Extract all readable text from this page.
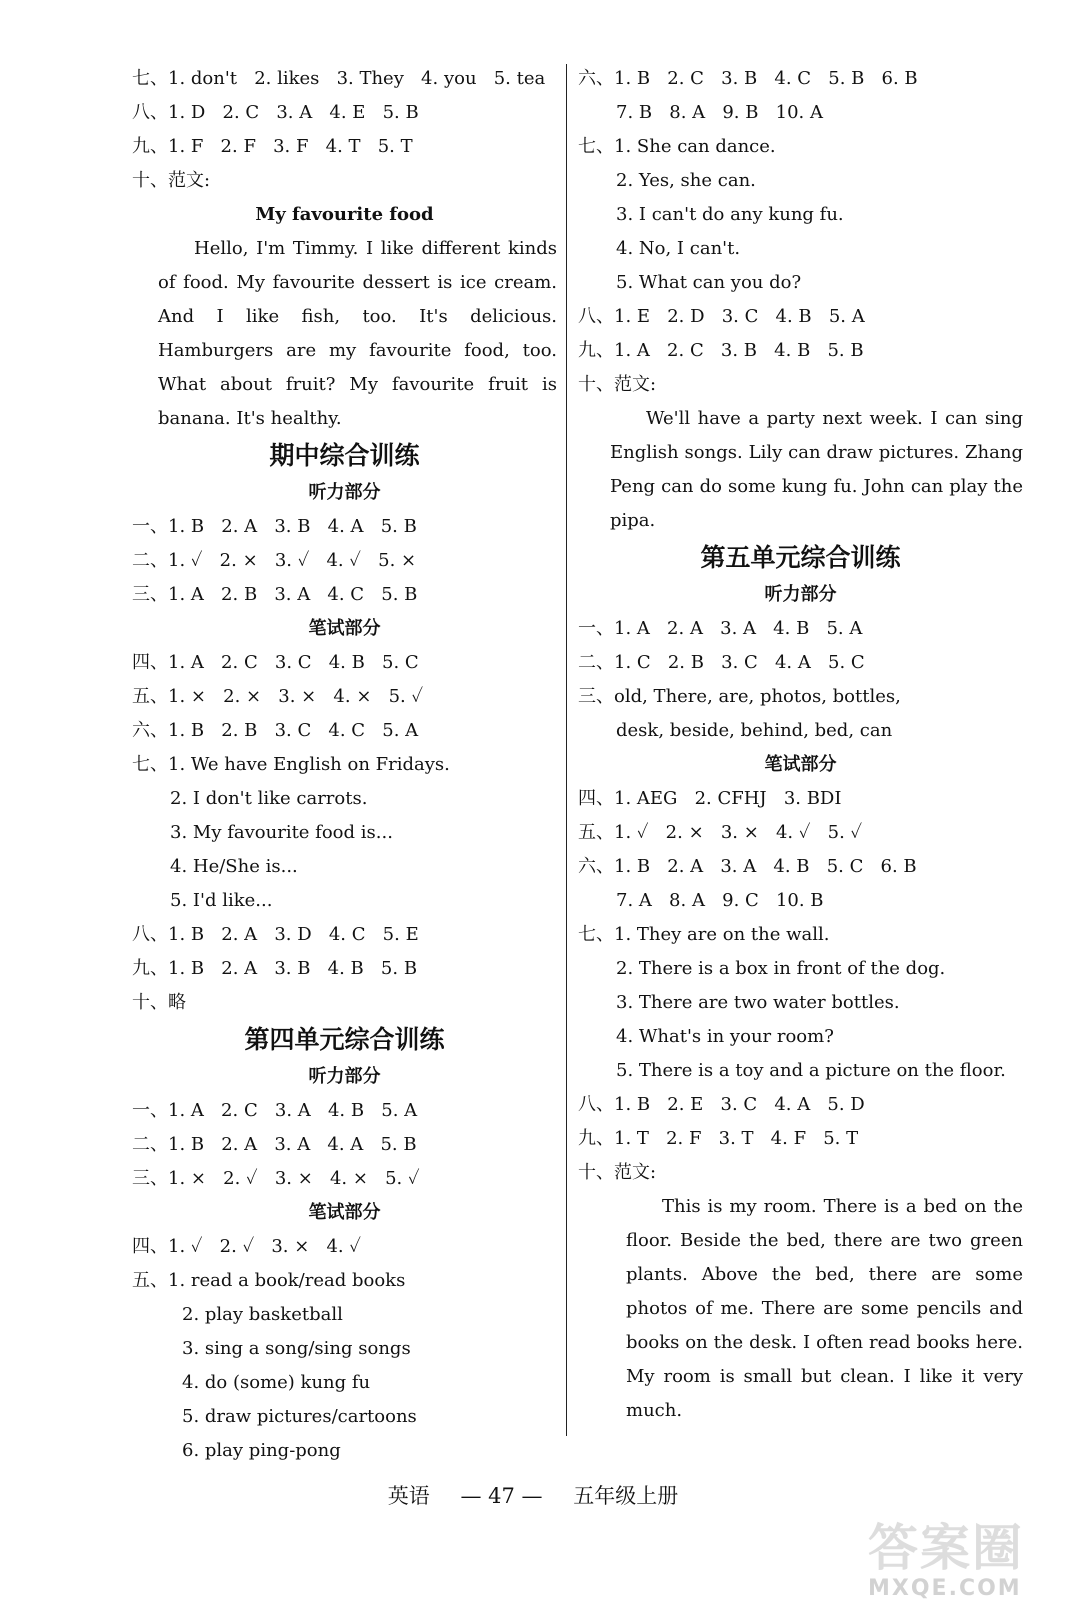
七、1. don't   2. likes   3. They   4. you   5. tea
八、1. D   2. C   3. A   4. E   5. B
九、1. F   2. F   3. F   4. T   5. T
十、范文:
My favourite food
Hello, I'm Timmy. I like different kinds of food. My favourite dessert is ice cream. And I like fish, too. It's delicious. Hamburgers are my favourite food, too. What about fruit? My favourite fruit is banana. It's healthy.
期中综合训练
听力部分
一、1. B   2. A   3. B   4. A   5. B
二、1. ✓   2. ×   3. ✓   4. ✓   5. ×
三、1. A   2. B   3. A   4. C   5. B
笔试部分
四、1. A   2. C   3. C   4. B   5. C
五、1. ×   2. ×   3. ×   4. ×   5. ✓
六、1. B   2. B   3. C   4. C   5. A
七、1. We have English on Fridays.
2. I don't like carrots.
3. My favourite food is...
4. He/She is...
5. I'd like...
八、1. B   2. A   3. D   4. C   5. E
九、1. B   2. A   3. B   4. B   5. B
十、略
第四单元综合训练
听力部分
一、1. A   2. C   3. A   4. B   5. A
二、1. B   2. A   3. A   4. A   5. B
三、1. ×   2. ✓   3. ×   4. ×   5. ✓
笔试部分
四、1. ✓   2. ✓   3. ×   4. ✓
五、1. read a book/read books
2. play basketball
3. sing a song/sing songs
4. do (some) kung fu
5. draw pictures/cartoons
6. play ping-pong
六、1. B   2. C   3. B   4. C   5. B   6. B
7. B   8. A   9. B   10. A
七、1. She can dance.
2. Yes, she can.
3. I can't do any kung fu.
4. No, I can't.
5. What can you do?
八、1. E   2. D   3. C   4. B   5. A
九、1. A   2. C   3. B   4. B   5. B
十、范文:
We'll have a party next week. I can sing English songs. Lily can draw pictures. Zhang Peng can do some kung fu. John can play the pipa.
第五单元综合训练
听力部分
一、1. A   2. A   3. A   4. B   5. A
二、1. C   2. B   3. C   4. A   5. C
三、old, There, are, photos, bottles,
desk, beside, behind, bed, can
笔试部分
四、1. AEG   2. CFHJ   3. BDI
五、1. ✓   2. ×   3. ×   4. ✓   5. ✓
六、1. B   2. A   3. A   4. B   5. C   6. B
7. A   8. A   9. C   10. B
七、1. They are on the wall.
2. There is a box in front of the dog.
3. There are two water bottles.
4. What's in your room?
5. There is a toy and a picture on the floor.
八、1. B   2. E   3. C   4. A   5. D
九、1. T   2. F   3. T   4. F   5. T
十、范文:
This is my room. There is a bed on the floor. Beside the bed, there are two green plants. Above the bed, there are some photos of me. There are some pencils and books on the desk. I often read books here. My room is small but clean. I like it very much.
英语 — 47 — 五年级上册
答案圈
MXQE.COM
